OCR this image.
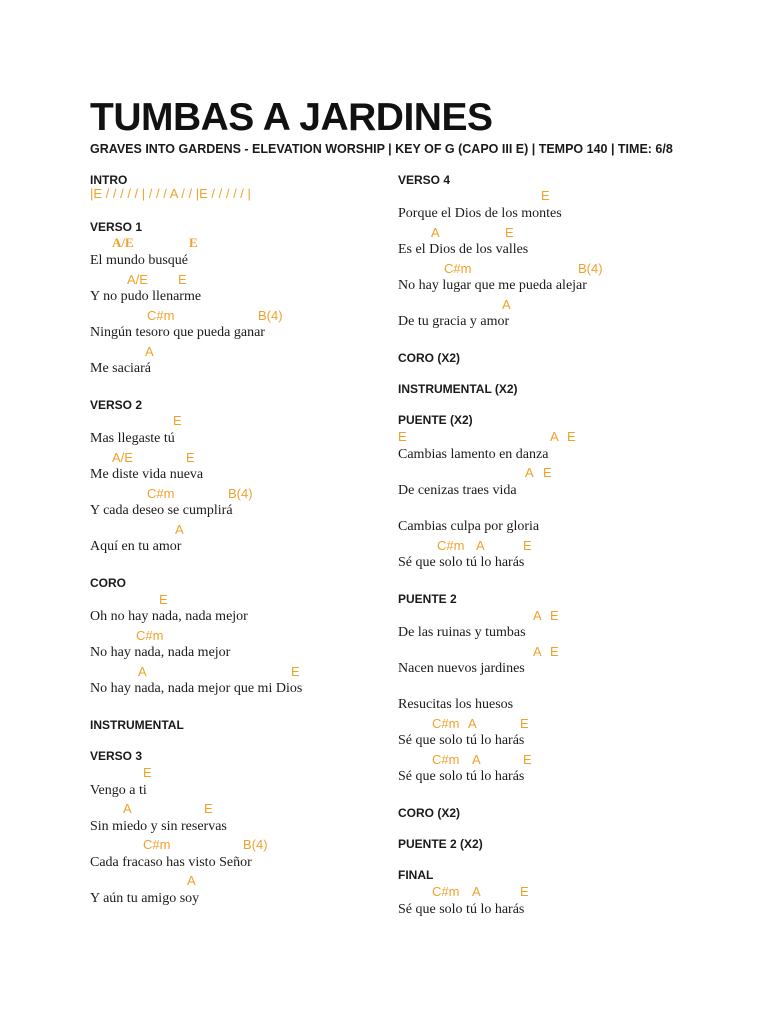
TUMBAS A JARDINES
GRAVES INTO GARDENS - ELEVATION WORSHIP | KEY OF G (CAPO III E) | TEMPO 140 | TIME: 6/8
INTRO
|E / / / / / | / / / A / / |E / / / / / |
VERSO 1
A/E	E
El mundo busqué
A/E E
Y no pudo llenarme
C#m	B(4)
Ningún tesoro que pueda ganar
A
Me saciará
VERSO 2
E
Mas llegaste tú
A/E	E
Me diste vida nueva
C#m	B(4)
Y cada deseo se cumplirá
A
Aquí en tu amor
CORO
E
Oh no hay nada, nada mejor
C#m
No hay nada, nada mejor
A	E
No hay nada, nada mejor que mi Dios
INSTRUMENTAL
VERSO 3
E
Vengo a ti
A	E
Sin miedo y sin reservas
C#m	B(4)
Cada fracaso has visto Señor
A
Y aún tu amigo soy
VERSO 4
E
Porque el Dios de los montes
A	E
Es el Dios de los valles
C#m	B(4)
No hay lugar que me pueda alejar
A
De tu gracia y amor
CORO (X2)
INSTRUMENTAL (X2)
PUENTE (X2)
E	A E
Cambias lamento en danza
A E
De cenizas traes vida
Cambias culpa por gloria
C#m A	E
Sé que solo tú lo harás
PUENTE 2
A E
De las ruinas y tumbas
A E
Nacen nuevos jardines
Resucitas los huesos
C#m A	E
Sé que solo tú lo harás
C#m A	E
Sé que solo tú lo harás
CORO (X2)
PUENTE 2 (X2)
FINAL
C#m A	E
Sé que solo tú lo harás
